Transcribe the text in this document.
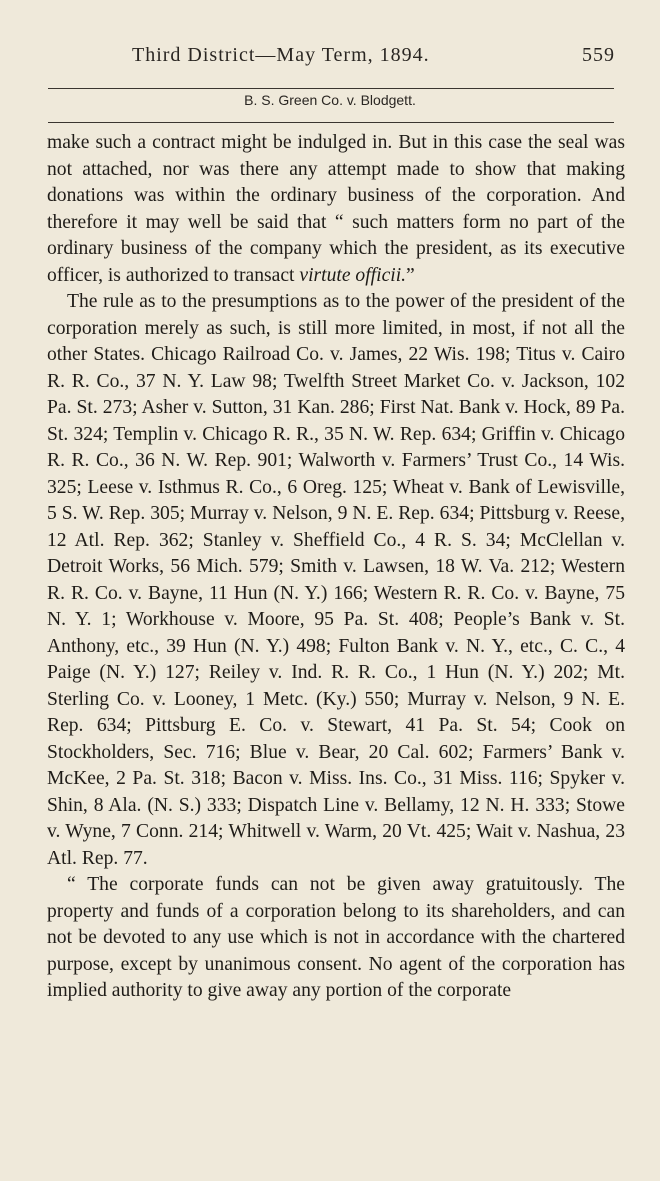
Third District—May Term, 1894.	559
B. S. Green Co. v. Blodgett.

make such a contract might be indulged in. But in this case the seal was not attached, nor was there any attempt made to show that making donations was within the ordinary business of the corporation. And therefore it may well be said that “ such matters form no part of the ordinary business of the company which the president, as its executive officer, is authorized to transact virtute officii.”

The rule as to the presumptions as to the power of the president of the corporation merely as such, is still more limited, in most, if not all the other States. Chicago Railroad Co. v. James, 22 Wis. 198; Titus v. Cairo R. R. Co., 37 N. Y. Law 98; Twelfth Street Market Co. v. Jackson, 102 Pa. St. 273; Asher v. Sutton, 31 Kan. 286; First Nat. Bank v. Hock, 89 Pa. St. 324; Templin v. Chicago R. R., 35 N. W. Rep. 634; Griffin v. Chicago R. R. Co., 36 N. W. Rep. 901; Walworth v. Farmers’ Trust Co., 14 Wis. 325; Leese v. Isthmus R. Co., 6 Oreg. 125; Wheat v. Bank of Lewisville, 5 S. W. Rep. 305; Murray v. Nelson, 9 N. E. Rep. 634; Pittsburg v. Reese, 12 Atl. Rep. 362; Stanley v. Sheffield Co., 4 R. S. 34; McClellan v. Detroit Works, 56 Mich. 579; Smith v. Lawsen, 18 W. Va. 212; Western R. R. Co. v. Bayne, 11 Hun (N. Y.) 166; Western R. R. Co. v. Bayne, 75 N. Y. 1; Workhouse v. Moore, 95 Pa. St. 408; People’s Bank v. St. Anthony, etc., 39 Hun (N. Y.) 498; Fulton Bank v. N. Y., etc., C. C., 4 Paige (N. Y.) 127; Reiley v. Ind. R. R. Co., 1 Hun (N. Y.) 202; Mt. Sterling Co. v. Looney, 1 Metc. (Ky.) 550; Murray v. Nelson, 9 N. E. Rep. 634; Pittsburg E. Co. v. Stewart, 41 Pa. St. 54; Cook on Stockholders, Sec. 716; Blue v. Bear, 20 Cal. 602; Farmers’ Bank v. McKee, 2 Pa. St. 318; Bacon v. Miss. Ins. Co., 31 Miss. 116; Spyker v. Shin, 8 Ala. (N. S.) 333; Dispatch Line v. Bellamy, 12 N. H. 333; Stowe v. Wyne, 7 Conn. 214; Whitwell v. Warm, 20 Vt. 425; Wait v. Nashua, 23 Atl. Rep. 77.

“ The corporate funds can not be given away gratuitously. The property and funds of a corporation belong to its shareholders, and can not be devoted to any use which is not in accordance with the chartered purpose, except by unanimous consent. No agent of the corporation has implied authority to give away any portion of the corporate
